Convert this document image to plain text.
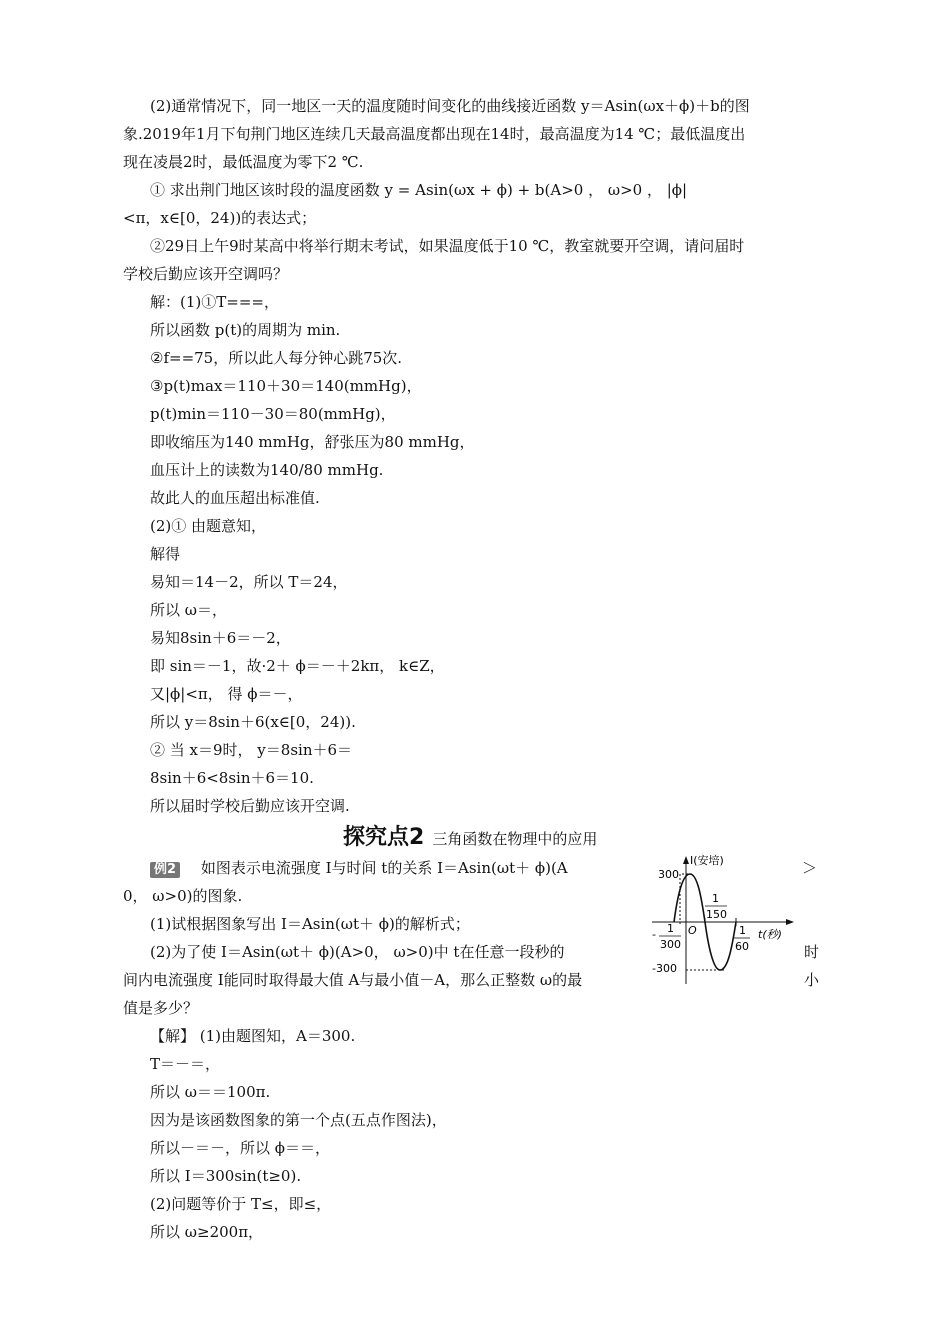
(2)通常情况下，同一地区一天的温度随时间变化的曲线接近函数 y＝Asin(ωx＋ϕ)＋b的图
象.2019年1月下旬荆门地区连续几天最高温度都出现在14时，最高温度为14 ℃；最低温度出
现在凌晨2时，最低温度为零下2 ℃.
① 求出荆门地区该时段的温度函数 y = Asin(ωx + ϕ) + b(A>0 ， ω>0 ， |ϕ|
<π，x∈[0，24))的表达式；
②29日上午9时某高中将举行期末考试，如果温度低于10 ℃，教室就要开空调，请问届时
学校后勤应该开空调吗？
解：(1)①T===，
所以函数 p(t)的周期为 min.
②f==75，所以此人每分钟心跳75次.
③p(t)max＝110＋30＝140(mmHg)，
p(t)min＝110－30＝80(mmHg)，
即收缩压为140 mmHg，舒张压为80 mmHg，
血压计上的读数为140/80 mmHg.
故此人的血压超出标准值.
(2)① 由题意知，
解得
易知＝14－2，所以 T＝24，
所以 ω＝，
易知8sin＋6＝－2，
即 sin＝－1，故·2＋ ϕ＝－＋2kπ， k∈Z，
又|ϕ|<π， 得 ϕ＝－，
所以 y＝8sin＋6(x∈[0，24)).
② 当 x＝9时， y＝8sin＋6＝
8sin＋6<8sin＋6＝10.
所以届时学校后勤应该开空调.
探究点2 三角函数在物理中的应用
例2 如图表示电流强度 I与时间 t的关系 I＝Asin(ωt＋ ϕ)(A
0， ω>0)的图象.
(1)试根据图象写出 I＝Asin(ωt＋ ϕ)的解析式；
(2)为了使 I＝Asin(ωt＋ ϕ)(A>0， ω>0)中 t在任意一段秒的
间内电流强度 I能同时取得最大值 A与最小值－A，那么正整数 ω的最
值是多少？
＞
时
小
I(安培)
300
-300
O
- 1
300
1
150
1
60
t(秒)
【解】 (1)由题图知，A＝300.
T＝－＝，
所以 ω＝＝100π.
因为是该函数图象的第一个点(五点作图法)，
所以－＝－，所以 ϕ＝＝，
所以 I＝300sin(t≥0).
(2)问题等价于 T≤，即≤，
所以 ω≥200π，
